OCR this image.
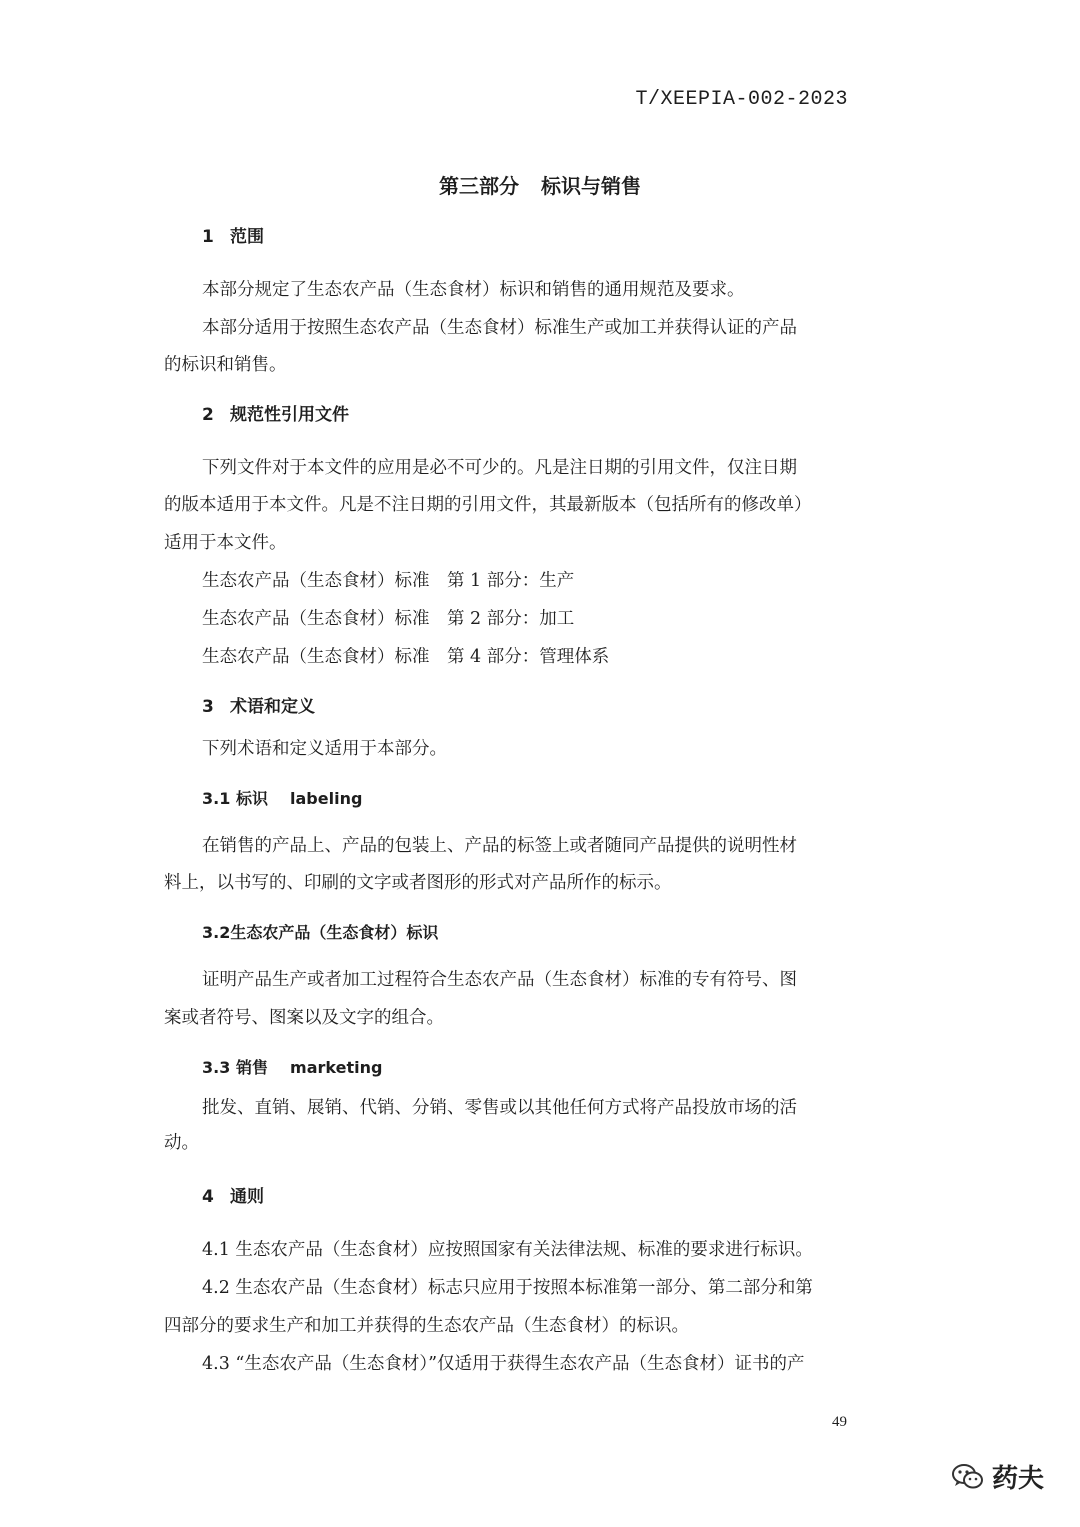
T/XEEPIA-002-2023
第三部分 标识与销售
1 范围
本部分规定了生态农产品（生态食材）标识和销售的通用规范及要求。
本部分适用于按照生态农产品（生态食材）标准生产或加工并获得认证的产品
的标识和销售。
2 规范性引用文件
下列文件对于本文件的应用是必不可少的。凡是注日期的引用文件，仅注日期
的版本适用于本文件。凡是不注日期的引用文件，其最新版本（包括所有的修改单）
适用于本文件。
生态农产品（生态食材）标准　第 1 部分：生产
生态农产品（生态食材）标准　第 2 部分：加工
生态农产品（生态食材）标准　第 4 部分：管理体系
3 术语和定义
下列术语和定义适用于本部分。
3.1 标识 labeling
在销售的产品上、产品的包装上、产品的标签上或者随同产品提供的说明性材
料上，以书写的、印刷的文字或者图形的形式对产品所作的标示。
3.2生态农产品（生态食材）标识
证明产品生产或者加工过程符合生态农产品（生态食材）标准的专有符号、图
案或者符号、图案以及文字的组合。
3.3 销售 marketing
批发、直销、展销、代销、分销、零售或以其他任何方式将产品投放市场的活
动。
4 通则
4.1 生态农产品（生态食材）应按照国家有关法律法规、标准的要求进行标识。
4.2 生态农产品（生态食材）标志只应用于按照本标准第一部分、第二部分和第
四部分的要求生产和加工并获得的生态农产品（生态食材）的标识。
4.3 “生态农产品（生态食材）”仅适用于获得生态农产品（生态食材）证书的产
49
药夫
